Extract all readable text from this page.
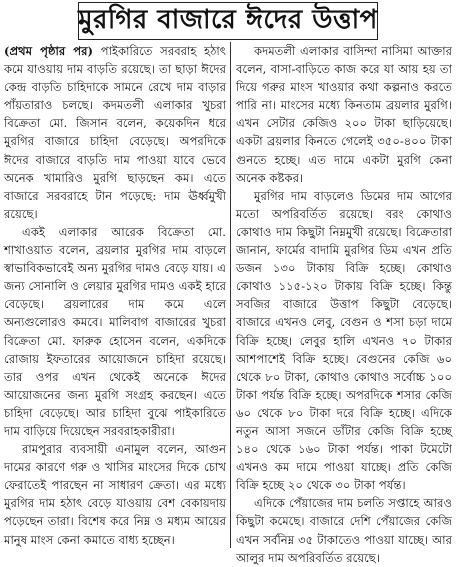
মুরগির বাজারে ঈদের উত্তাপ

(প্রথম পৃষ্ঠার পর) পাইকারিতে সরবরাহ হঠাৎ কমে যাওয়ায় দাম বাড়তি রয়েছে। তা ছাড়া ঈদের কেন্দ্র বাড়তি চাহিদাকে সামনে রেখে দাম বাড়ার পাঁয়তারাও চলছে। কদমতলী এলাকার খুচরা বিক্রেতা মো. জিসান বলেন, কয়েকদিন ধরে মুরগির বাজারে চাহিদা বেড়েছে। অপরদিকে ঈদের বাজারে বাড়তি দাম পাওয়া যাবে ভেবে অনেক খামারিও মুরগি ছাড়ছেন কম। এতে বাজারে সরবরাহে টান পড়েছে: দাম ঊর্ধ্বমুখী রয়েছে।

একই এলাকার আরেক বিক্রেতা মো. শাখাওয়াত বলেন, ব্রয়লার মুরগির দাম বাড়লে স্বাভাবিকভাবেই অন্য মুরগির দামও বেড়ে যায়। এ জন্য সোনালি ও লেয়ার মুরগির দামও একই হারে বেড়েছে। ব্রয়লারের দাম কমে এলে অন্যগুলোরও কমবে। মালিবাগ বাজারের খুচরা বিক্রেতা মো. ফারুক হোসেন বলেন, একদিকে রোজায় ইফতারের আয়োজনে চাহিদা রয়েছে। তার ওপর এখন থেকেই অনেকে ঈদের আয়োজনের জন্য মুরগি সংগ্রহ করছেন। এতে চাহিদা বেড়েছে। আর চাহিদা বুঝে পাইকারিতে দাম বাড়িয়ে দিয়েছেন সরবরাহকারীরা।

রামপুরার ব্যবসায়ী এনামুল বলেন, আগুন দামের কারণে গরু ও খাসির মাংসের দিকে চোখ ফেরাতেই পারছেন না সাধারণ ক্রেতা। এর মধ্যে মুরগির দাম হঠাৎ বেড়ে যাওয়ায় বেশ বেকায়দায় পড়েছেন তারা। বিশেষ করে নিম্ন ও মধ্যম আয়ের মানুষ মাংস কেনা কমাতে বাধ্য হচ্ছেন।

কদমতলী এলাকার বাসিন্দা নাসিমা আক্তার বলেন, বাসা-বাড়িতে কাজ করে যা আয় হয় তা দিয়ে গরুর মাংস খাওয়ার কথা কল্পনাও করতে পারি না। মাংসের মধ্যে কিনতাম ব্রয়লার মুরগি। এখন সেটার কেজিও ২০০ টাকা ছাড়িয়েছে। একটা ব্রয়লার কিনতে গেলেই ৩৫০-৪০০ টাকা গুনতে হচ্ছে। এত দামে একটা মুরগি কেনা অনেক কষ্টকর।

মুরগির দাম বাড়লেও ডিমের দাম আগের মতো অপরিবর্তিত রয়েছে। বরং কোথাও কোথাও দাম কিছুটা নিম্নমুখী রয়েছে। বিক্রেতারা জানান, ফার্মের বাদামি মুরগির ডিম এখন প্রতি ডজন ১৩০ টাকায় বিক্রি হচ্ছে। কোথাও কোথাও ১১৫-১২০ টাকায় বিক্রি হচ্ছে। কিন্তু সবজির বাজারে উত্তাপ কিছুটা বেড়েছে। বাজারে এখনও লেবু, বেগুন ও শসা চড়া দামে বিক্রি হচ্ছে। লেবুর হালি এখনও ৭০ টাকার আশপাশেই বিক্রি হচ্ছে। বেগুনের কেজি ৬০ থেকে ৮০ টাকা, কোথাও কোথাও সর্বোচ্চ ১০০ টাকা পর্যন্ত বিক্রি হচ্ছে। অপরদিকে শসার কেজি ৬০ থেকে ৮০ টাকা দরে বিক্রি হচ্ছে। এদিকে নতুন আসা সজনে ডাঁটার কেজি বিক্রি হচ্ছে ১৪০ থেকে ১৬০ টাকা পর্যন্ত। পাকা টমেটো এখনও কম দামে পাওয়া যাচ্ছে। প্রতি কেজি বিক্রি হচ্ছে ২০ থেকে ৩০ টাকা পর্যন্ত।

এদিকে পেঁয়াজের দাম চলতি সপ্তাহে আরও কিছুটা কমেছে। বাজারে দেশি পেঁয়াজের কেজি এখন সর্বনিম্ন ৩৫ টাকাতেও পাওয়া যাচ্ছে। আর আলুর দাম অপরিবর্তিত রয়েছে।
